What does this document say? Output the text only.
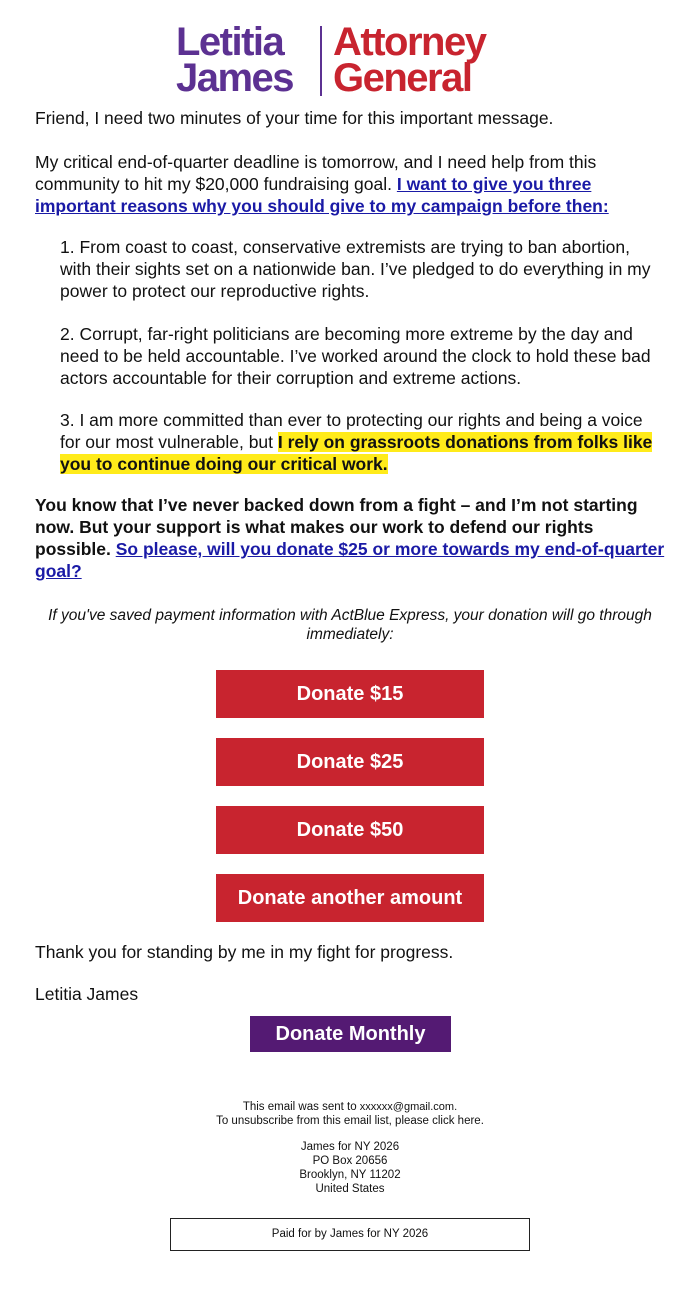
Letitia
James
Attorney
General
Friend, I need two minutes of your time for this important message.
My critical end-of-quarter deadline is tomorrow, and I need help from this community to hit my $20,000 fundraising goal. I want to give you three important reasons why you should give to my campaign before then:
1. From coast to coast, conservative extremists are trying to ban abortion, with their sights set on a nationwide ban. I’ve pledged to do everything in my power to protect our reproductive rights.
2. Corrupt, far-right politicians are becoming more extreme by the day and need to be held accountable. I’ve worked around the clock to hold these bad actors accountable for their corruption and extreme actions.
3. I am more committed than ever to protecting our rights and being a voice for our most vulnerable, but I rely on grassroots donations from folks like you to continue doing our critical work.
You know that I’ve never backed down from a fight – and I’m not starting now. But your support is what makes our work to defend our rights possible. So please, will you donate $25 or more towards my end-of-quarter goal?
If you've saved payment information with ActBlue Express, your donation will go through immediately:
Donate $15
Donate $25
Donate $50
Donate another amount
Thank you for standing by me in my fight for progress.
Letitia James
Donate Monthly
This email was sent to xxxxxx@gmail.com.
To unsubscribe from this email list, please click here.
James for NY 2026
PO Box 20656
Brooklyn, NY 11202
United States
Paid for by James for NY 2026
